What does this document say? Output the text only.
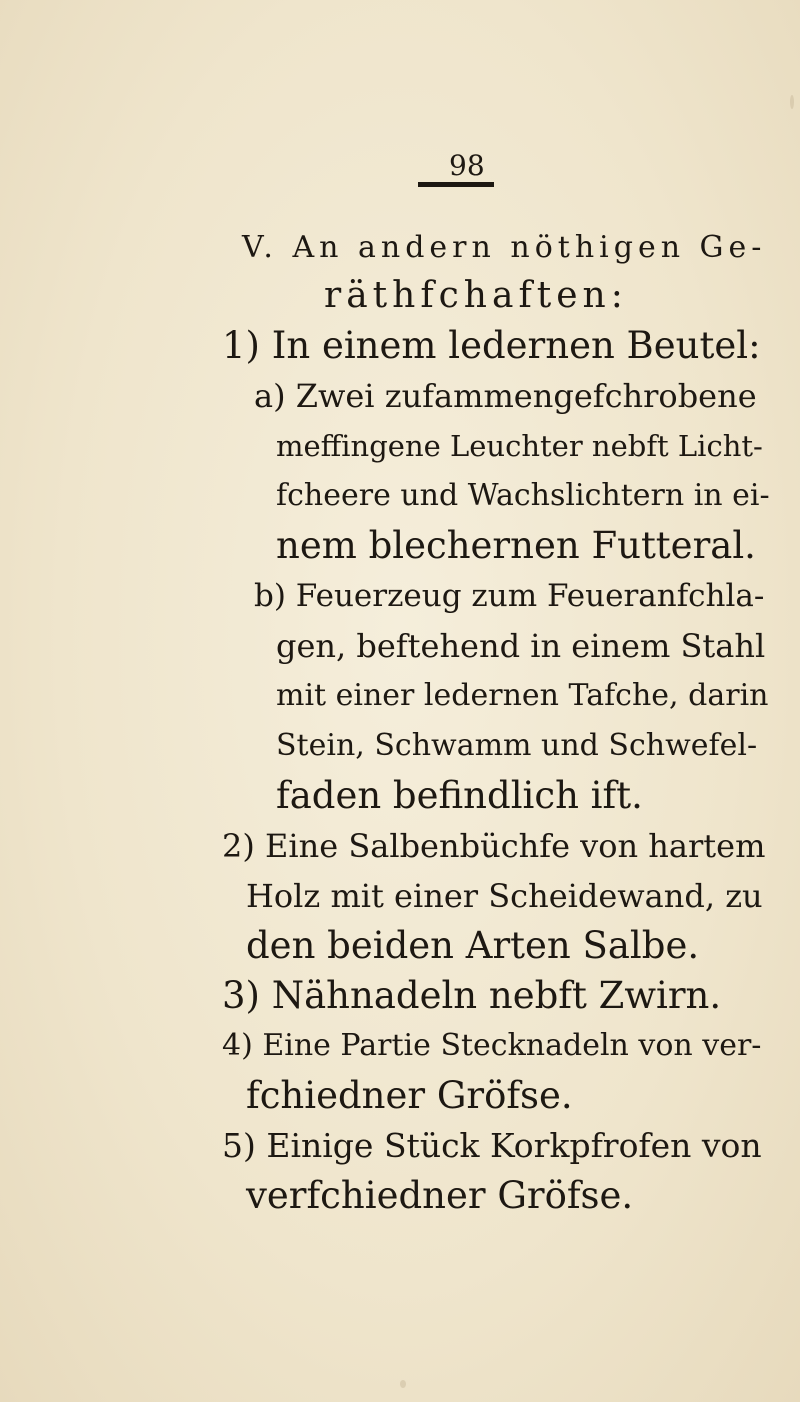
98
V. An andern nöthigen Ge-
räthfchaften:
1) In einem ledernen Beutel:
a) Zwei zufammengefchrobene
meffingene Leuchter nebft Licht-
fcheere und Wachslichtern in ei-
nem blechernen Futteral.
b) Feuerzeug zum Feueranfchla-
gen, beftehend in einem Stahl
mit einer ledernen Tafche, darin
Stein, Schwamm und Schwefel-
faden befindlich ift.
2) Eine Salbenbüchfe von hartem
Holz mit einer Scheidewand, zu
den beiden Arten Salbe.
3) Nähnadeln nebft Zwirn.
4) Eine Partie Stecknadeln von ver-
fchiedner Gröfse.
5) Einige Stück Korkpfrofen von
verfchiedner Gröfse.
